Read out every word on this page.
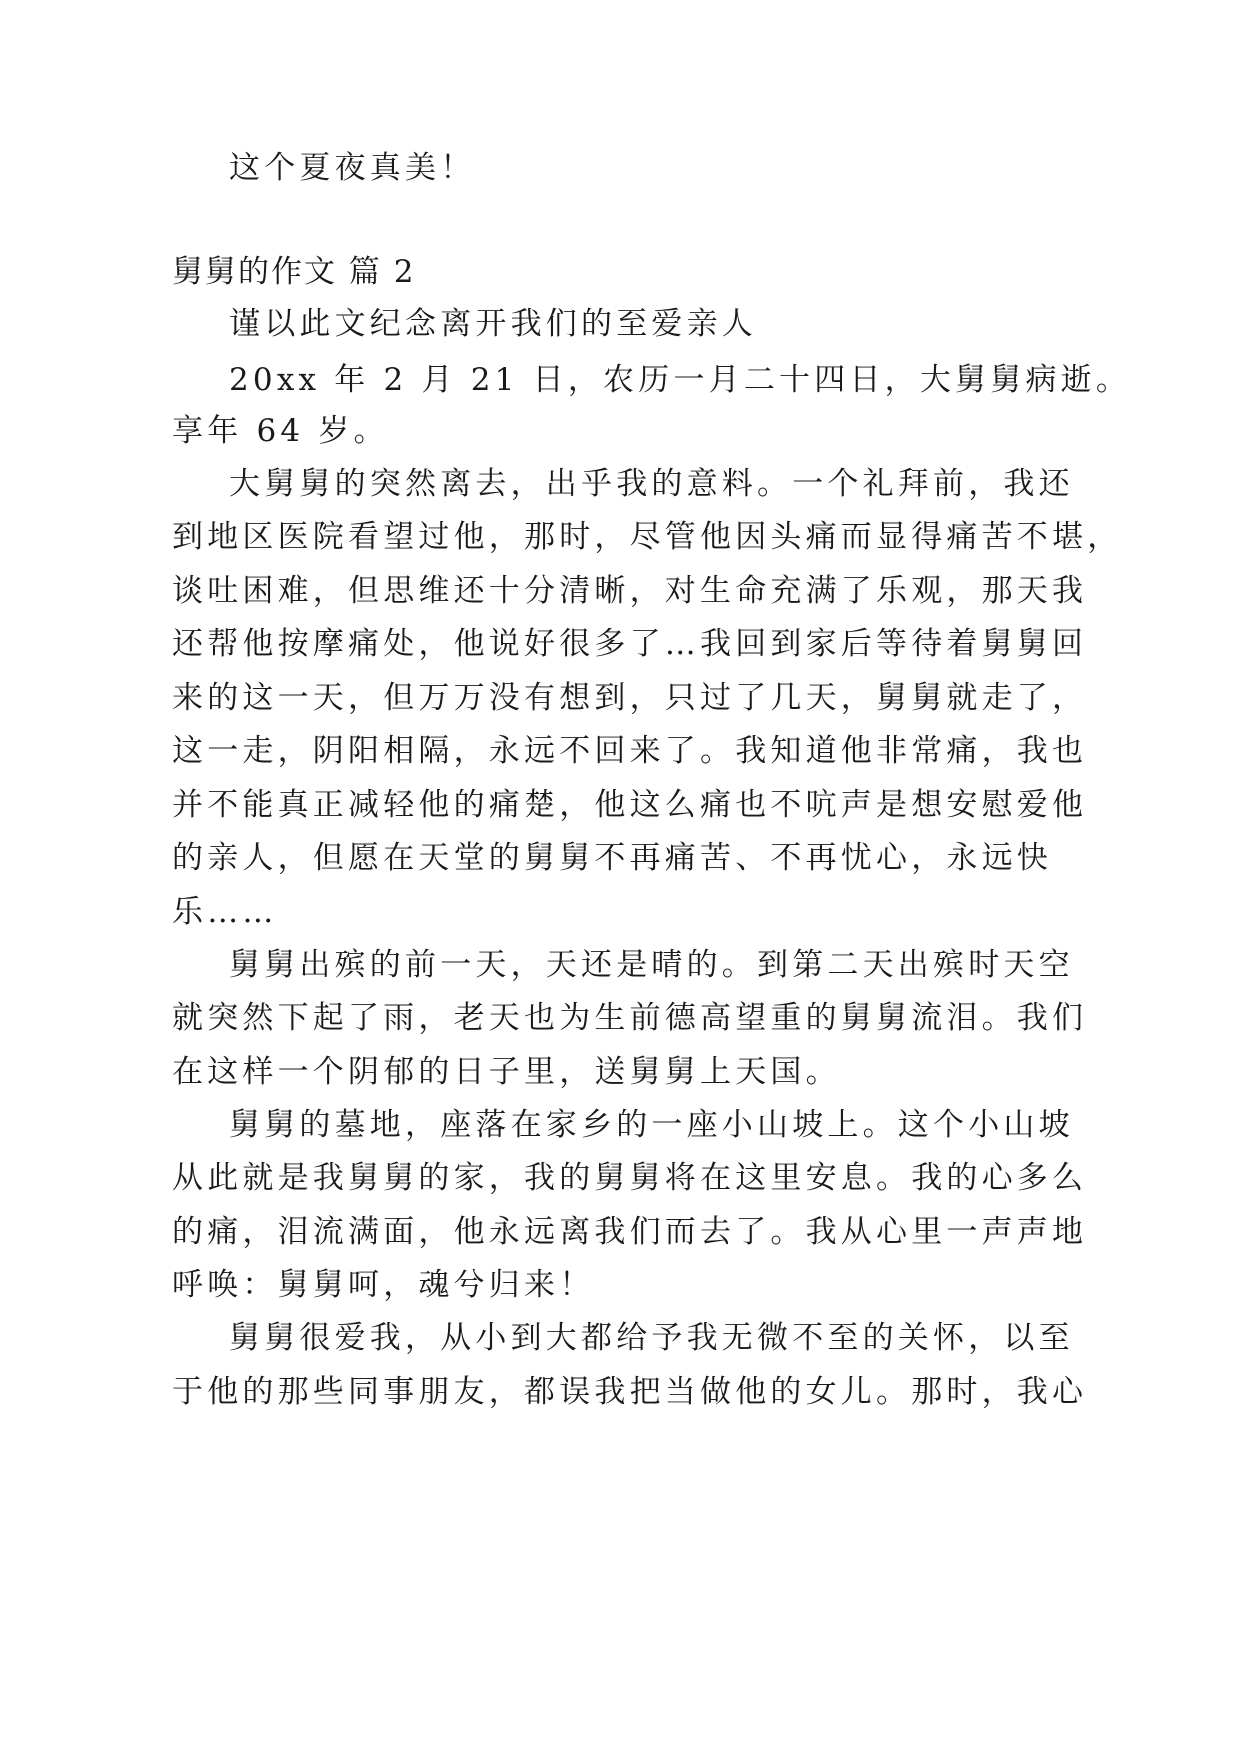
这个夏夜真美！

舅舅的作文 篇 2

谨以此文纪念离开我们的至爱亲人

20xx 年 2 月 21 日，农历一月二十四日，大舅舅病逝。

享年 64 岁。

大舅舅的突然离去，出乎我的意料。一个礼拜前，我还

到地区医院看望过他，那时，尽管他因头痛而显得痛苦不堪，

谈吐困难，但思维还十分清晰，对生命充满了乐观，那天我

还帮他按摩痛处，他说好很多了…我回到家后等待着舅舅回

来的这一天，但万万没有想到，只过了几天，舅舅就走了，

这一走，阴阳相隔，永远不回来了。我知道他非常痛，我也

并不能真正减轻他的痛楚，他这么痛也不吭声是想安慰爱他

的亲人，但愿在天堂的舅舅不再痛苦、不再忧心，永远快

乐……

舅舅出殡的前一天，天还是晴的。到第二天出殡时天空

就突然下起了雨，老天也为生前德高望重的舅舅流泪。我们

在这样一个阴郁的日子里，送舅舅上天国。

舅舅的墓地，座落在家乡的一座小山坡上。这个小山坡

从此就是我舅舅的家，我的舅舅将在这里安息。我的心多么

的痛，泪流满面，他永远离我们而去了。我从心里一声声地

呼唤：舅舅呵，魂兮归来！

舅舅很爱我，从小到大都给予我无微不至的关怀，以至

于他的那些同事朋友，都误我把当做他的女儿。那时，我心
